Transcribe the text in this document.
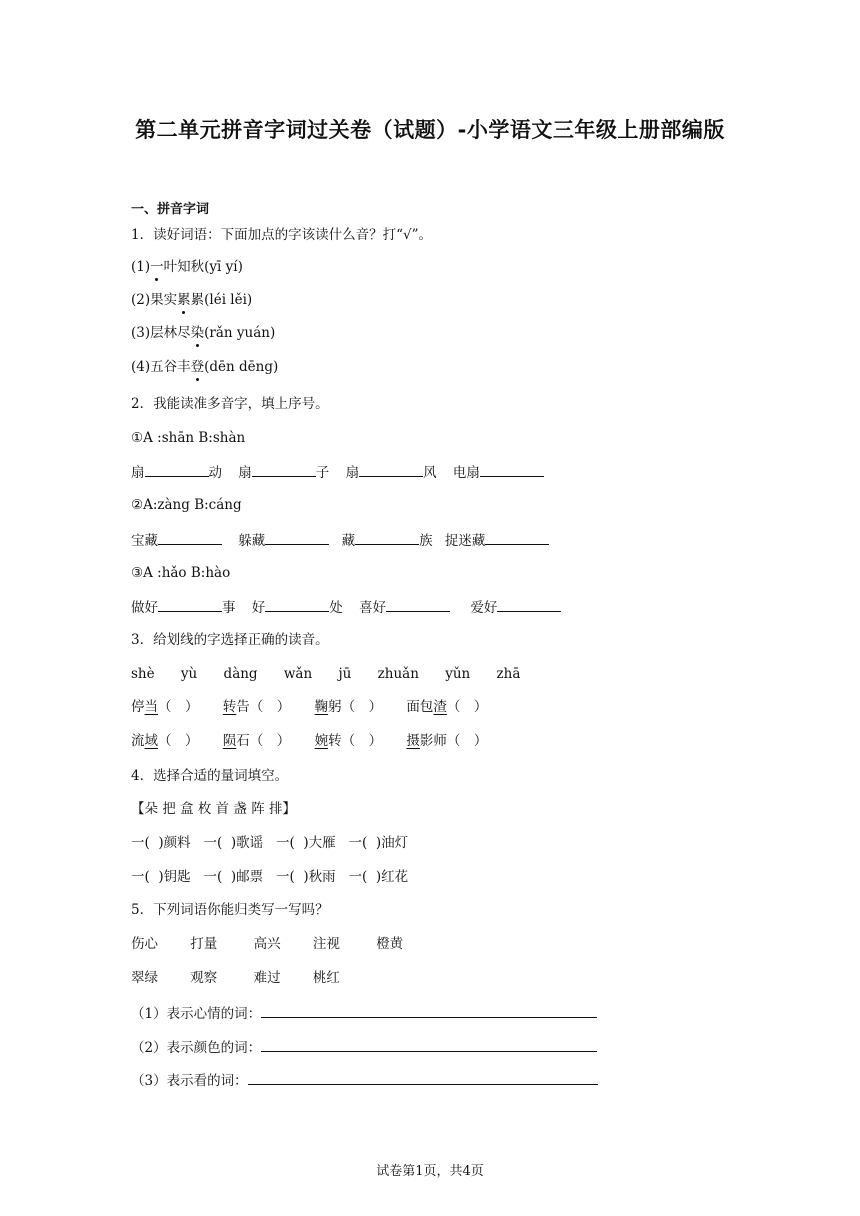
第二单元拼音字词过关卷（试题）-小学语文三年级上册部编版
一、拼音字词
1．读好词语：下面加点的字该读什么音？打“√”。
(1)一叶知秋(yī yí)
(2)果实累累(léi lěi)
(3)层林尽染(rǎn yuán)
(4)五谷丰登(dēn dēng)
2．我能读准多音字，填上序号。
①A :shān B:shàn
扇	动 扇	子 扇	风 电扇
②A:zàng B:cáng
宝藏	躲藏	藏	族 捉迷藏
③A :hǎo B:hào
做好	事 好	处 喜好	爱好
3．给划线的字选择正确的读音。
shè yù dàng wǎn jū zhuǎn yǔn zhā
停当（　） 转告（　） 鞠躬（　） 面包渣（　）
流域（　） 陨石（　） 婉转（　） 摄影师（　）
4．选择合适的量词填空。
【朵 把 盒 枚 首 盏 阵 排】
一(  )颜料   一(  )歌谣   一(  )大雁   一(  )油灯
一(  )钥匙   一(  )邮票   一(  )秋雨   一(  )红花
5．下列词语你能归类写一写吗？
伤心 打量	高兴 注视	橙黄
翠绿 观察	难过 桃红
（1）表示心情的词：
（2）表示颜色的词：
（3）表示看的词：
试卷第1页，共4页
